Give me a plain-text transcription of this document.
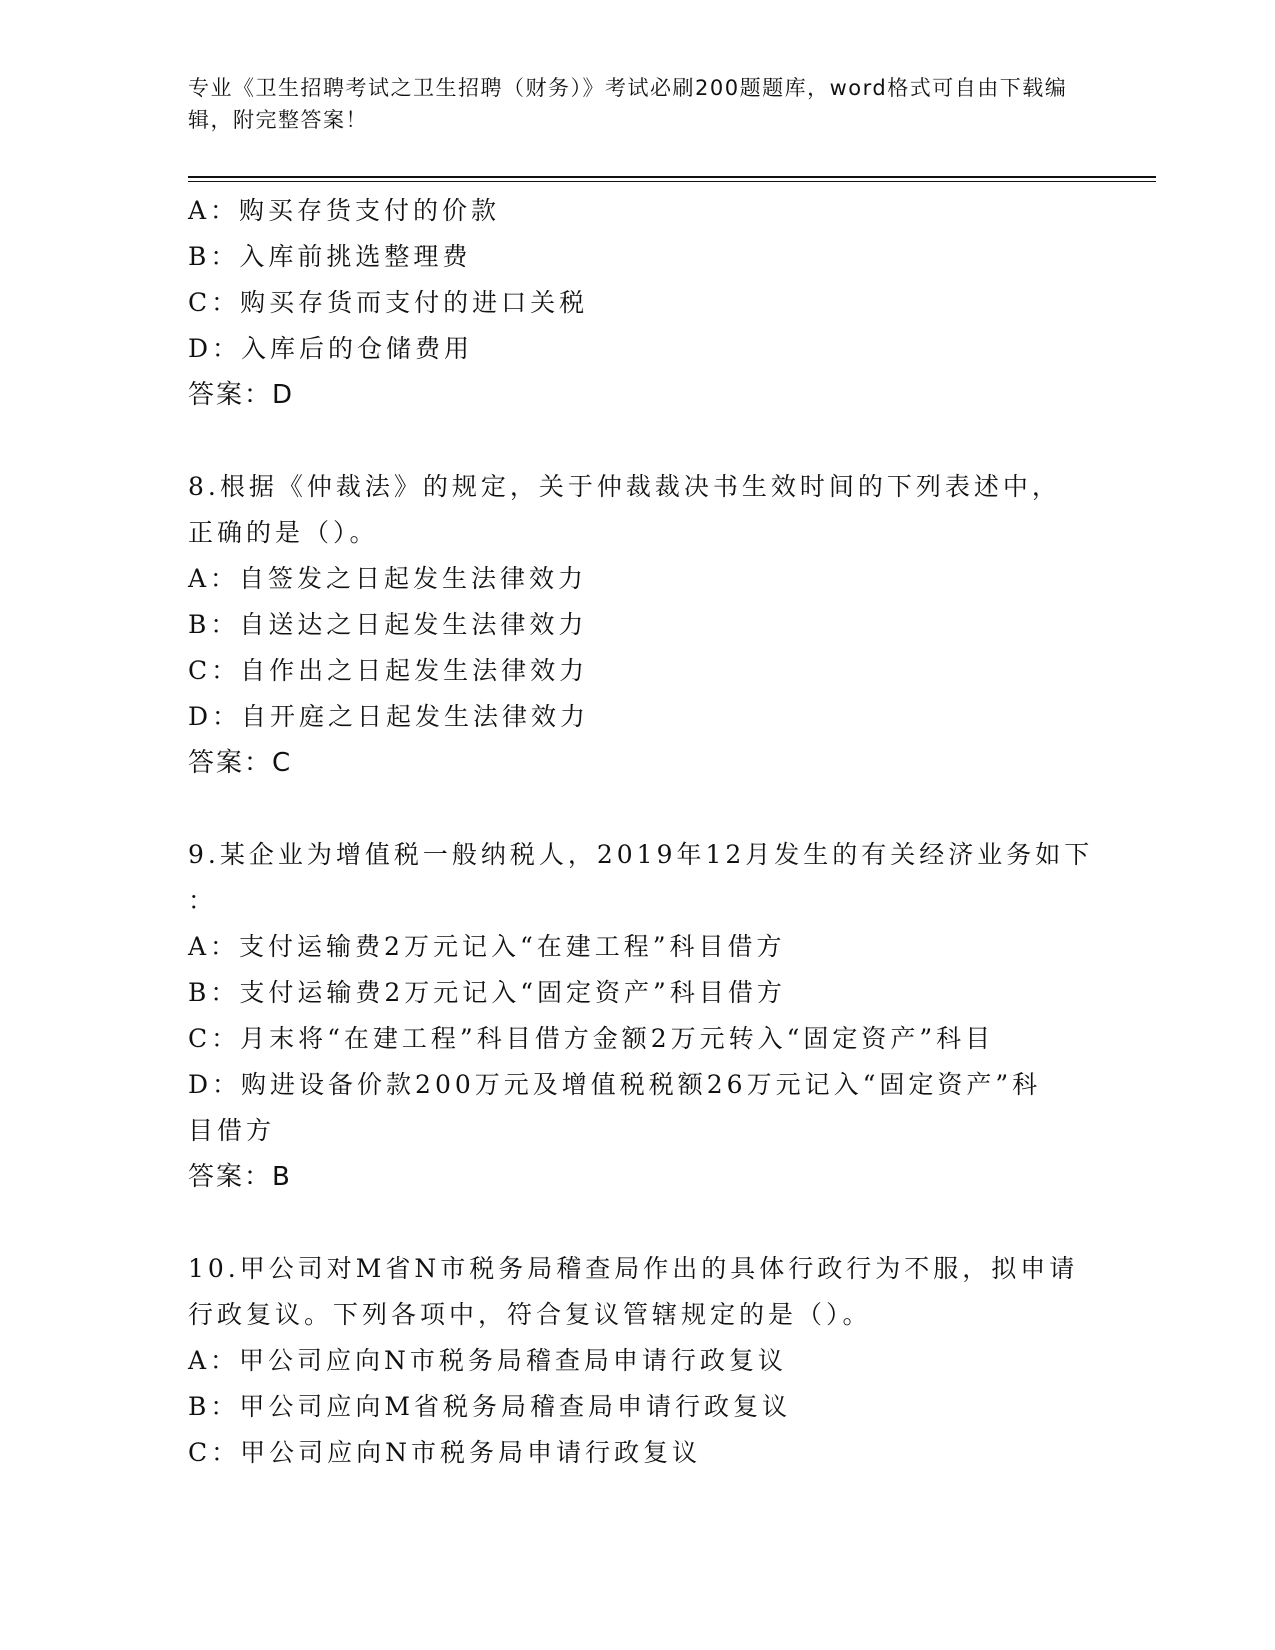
专业《卫生招聘考试之卫生招聘（财务）》考试必刷200题题库，word格式可自由下载编辑，附完整答案！
A：购买存货支付的价款
B：入库前挑选整理费
C：购买存货而支付的进口关税
D：入库后的仓储费用
答案：D
8.根据《仲裁法》的规定，关于仲裁裁决书生效时间的下列表述中，
正确的是（）。
A：自签发之日起发生法律效力
B：自送达之日起发生法律效力
C：自作出之日起发生法律效力
D：自开庭之日起发生法律效力
答案：C
9.某企业为增值税一般纳税人，2019年12月发生的有关经济业务如下
：
A：支付运输费2万元记入“在建工程”科目借方
B：支付运输费2万元记入“固定资产”科目借方
C：月末将“在建工程”科目借方金额2万元转入“固定资产”科目
D：购进设备价款200万元及增值税税额26万元记入“固定资产”科
目借方
答案：B
10.甲公司对M省N市税务局稽查局作出的具体行政行为不服，拟申请
行政复议。下列各项中，符合复议管辖规定的是（）。
A：甲公司应向N市税务局稽查局申请行政复议
B：甲公司应向M省税务局稽查局申请行政复议
C：甲公司应向N市税务局申请行政复议
